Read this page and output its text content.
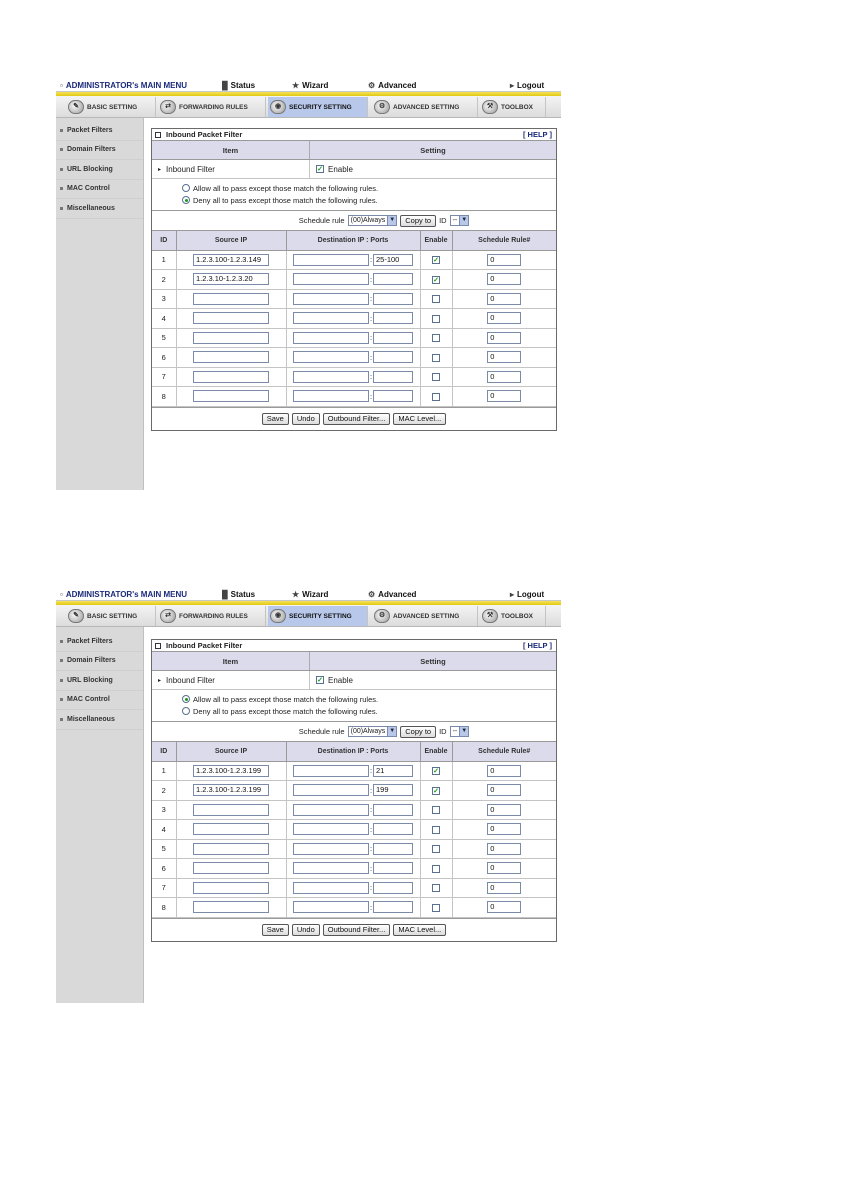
▫ ADMINISTRATOR's MAIN MENU	█ Status	★ Wizard	⚙ Advanced	▸ Logout
✎	BASIC SETTING	⇄	FORWARDING RULES	◉	SECURITY SETTING	⚙	ADVANCED SETTING	⚒	TOOLBOX
Packet Filters
Domain Filters
URL Blocking
MAC Control
Miscellaneous
Inbound Packet Filter	[ HELP ]
Item	Setting
▸ Inbound Filter	✓ Enable
Allow all to pass except those match the following rules.
Deny all to pass except those match the following rules.
Schedule rule (00)Always ▼	Copy to	ID -- ▼
ID	Source IP	Destination IP : Ports	Enable	Schedule Rule#
1	1.2.3.100-1.2.3.149	: 25-100	✓	0
2	1.2.3.10-1.2.3.20	:	✓	0
3		:		0
4		:		0
5		:		0
6		:		0
7		:		0
8		:		0
Save	Undo	Outbound Filter...	MAC Level...
▫ ADMINISTRATOR's MAIN MENU	█ Status	★ Wizard	⚙ Advanced	▸ Logout
✎	BASIC SETTING	⇄	FORWARDING RULES	◉	SECURITY SETTING	⚙	ADVANCED SETTING	⚒	TOOLBOX
Packet Filters
Domain Filters
URL Blocking
MAC Control
Miscellaneous
Inbound Packet Filter	[ HELP ]
Item	Setting
▸ Inbound Filter	✓ Enable
Allow all to pass except those match the following rules.
Deny all to pass except those match the following rules.
Schedule rule (00)Always ▼	Copy to	ID -- ▼
ID	Source IP	Destination IP : Ports	Enable	Schedule Rule#
1	1.2.3.100-1.2.3.199	: 21	✓	0
2	1.2.3.100-1.2.3.199	: 199	✓	0
3		:		0
4		:		0
5		:		0
6		:		0
7		:		0
8		:		0
Save	Undo	Outbound Filter...	MAC Level...
